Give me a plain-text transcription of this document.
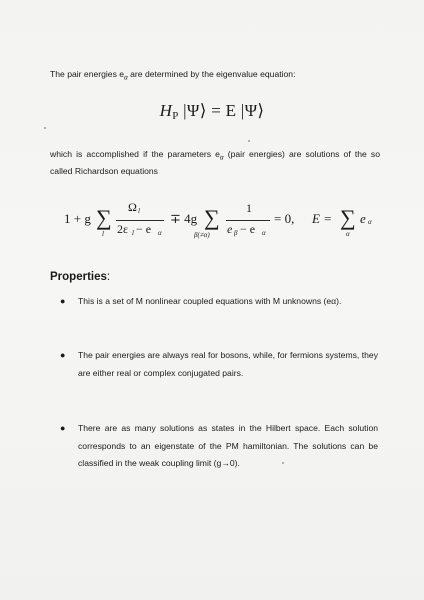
The pair energies $e_\alpha$ are determined by the eigenvalue equation:
$H_P$ |Ψ⟩ = E |Ψ⟩
which is accomplished if the parameters $e_\alpha$ (pair energies) are solutions of the so called Richardson equations
1 + g ∑
l
Ω l
2ε l − e α
∓ 4g ∑
β(≠α)
1
e β − e α
= 0, E = ∑
α
e α
Properties:
● This is a set of M nonlinear coupled equations with M unknowns (eα).
● The pair energies are always real for bosons, while, for fermions systems, they are either real or complex conjugated pairs.
● There are as many solutions as states in the Hilbert space. Each solution corresponds to an eigenstate of the PM hamiltonian. The solutions can be classified in the weak coupling limit (g→0).
